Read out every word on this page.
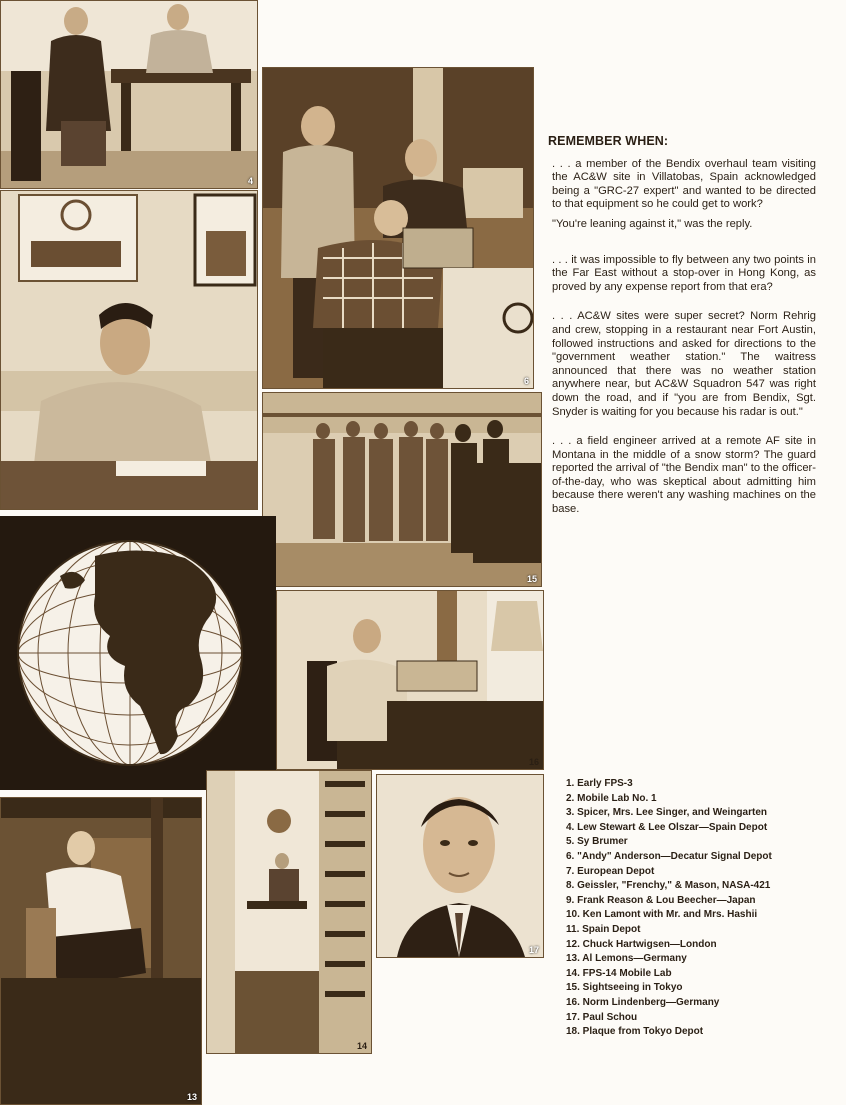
4
6
15
16
13
14
17
REMEMBER WHEN:

. . . a member of the Bendix overhaul team visiting the AC&W site in Villatobas, Spain acknowledged being a "GRC-27 expert" and wanted to be directed to that equipment so he could get to work?

"You're leaning against it," was the reply.

. . . it was impossible to fly between any two points in the Far East without a stop-over in Hong Kong, as proved by any expense report from that era?

. . . AC&W sites were super secret? Norm Rehrig and crew, stopping in a restaurant near Fort Austin, followed instructions and asked for directions to the "government weather station." The waitress announced that there was no weather station anywhere near, but AC&W Squadron 547 was right down the road, and if "you are from Bendix, Sgt. Snyder is waiting for you because his radar is out."

. . . a field engineer arrived at a remote AF site in Montana in the middle of a snow storm? The guard reported the arrival of "the Bendix man" to the officer-of-the-day, who was skeptical about admitting him because there weren't any washing machines on the base.

1. Early FPS-3
2. Mobile Lab No. 1
3. Spicer, Mrs. Lee Singer, and Weingarten
4. Lew Stewart & Lee Olszar—Spain Depot
5. Sy Brumer
6. "Andy" Anderson—Decatur Signal Depot
7. European Depot
8. Geissler, "Frenchy," & Mason, NASA-421
9. Frank Reason & Lou Beecher—Japan
10. Ken Lamont with Mr. and Mrs. Hashii
11. Spain Depot
12. Chuck Hartwigsen—London
13. Al Lemons—Germany
14. FPS-14 Mobile Lab
15. Sightseeing in Tokyo
16. Norm Lindenberg—Germany
17. Paul Schou
18. Plaque from Tokyo Depot
